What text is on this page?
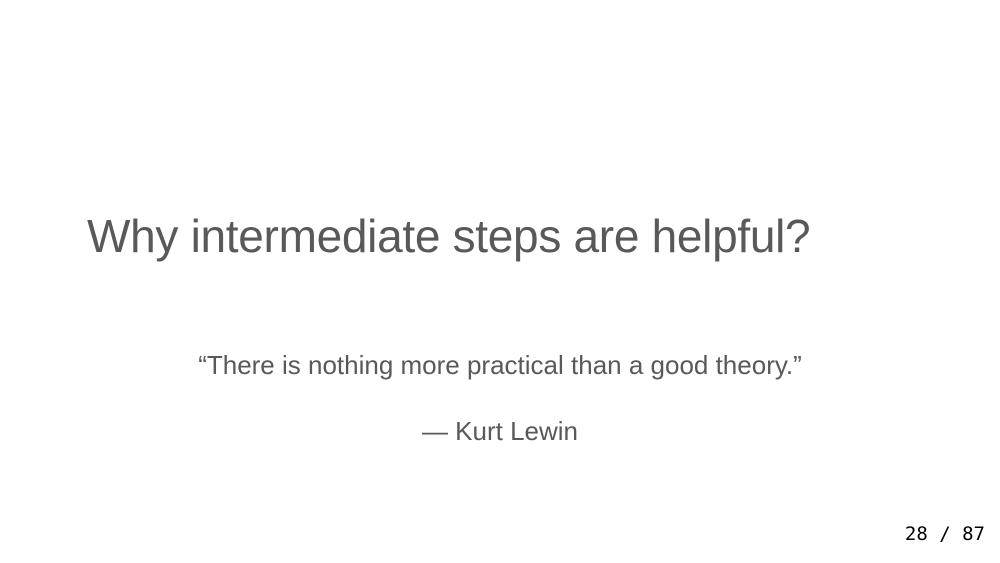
Why intermediate steps are helpful?
“There is nothing more practical than a good theory.”
— Kurt Lewin
28 / 87
